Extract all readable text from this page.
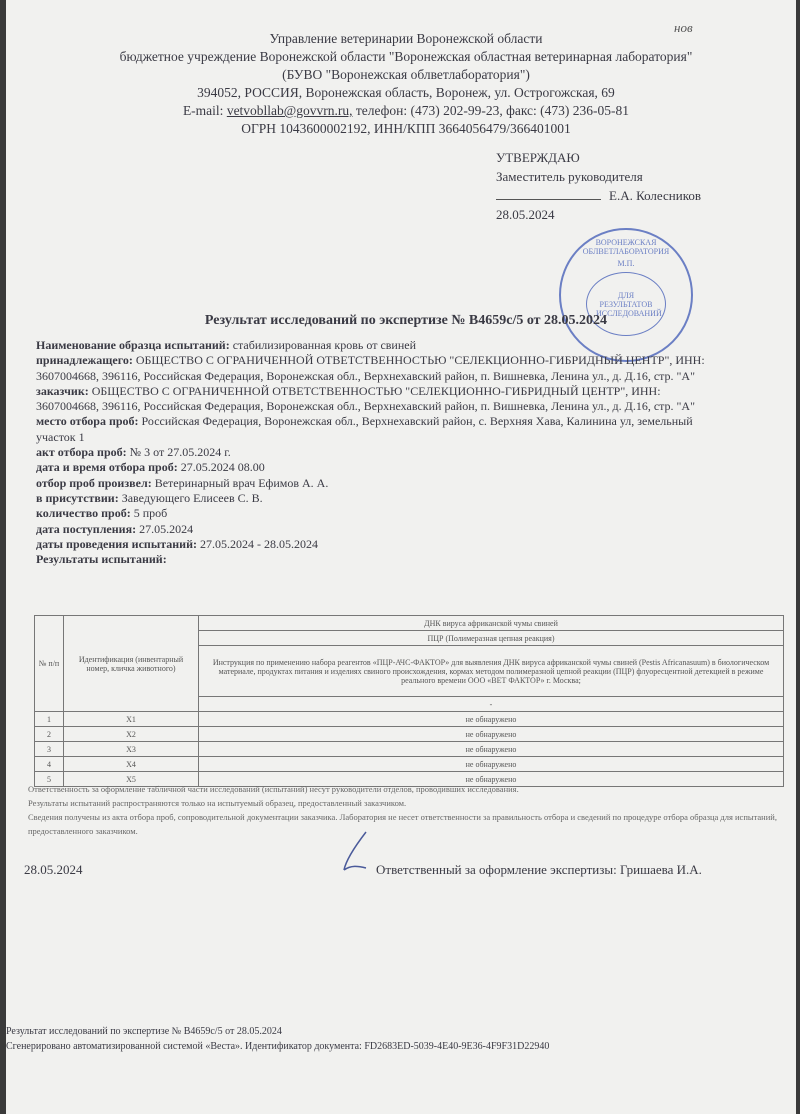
нов
Управление ветеринарии Воронежской области
бюджетное учреждение Воронежской области "Воронежская областная ветеринарная лаборатория"
(БУВО "Воронежская облветлаборатория")
394052, РОССИЯ, Воронежская область, Воронеж, ул. Острогожская, 69
E-mail: vetvobllab@govvrn.ru, телефон: (473) 202-99-23, факс: (473) 236-05-81
ОГРН 1043600002192, ИНН/КПП 3664056479/366401001
УТВЕРЖДАЮ
Заместитель руководителя
Е.А. Колесников
28.05.2024
ВОРОНЕЖСКАЯ ОБЛВЕТЛАБОРАТОРИЯ
М.П.
ДЛЯ РЕЗУЛЬТАТОВ ИССЛЕДОВАНИЙ
Результат исследований по экспертизе № В4659с/5 от 28.05.2024
Наименование образца испытаний: стабилизированная кровь от свиней
принадлежащего: ОБЩЕСТВО С ОГРАНИЧЕННОЙ ОТВЕТСТВЕННОСТЬЮ "СЕЛЕКЦИОННО-ГИБРИДНЫЙ ЦЕНТР", ИНН: 3607004668, 396116, Российская Федерация, Воронежская обл., Верхнехавский район, п. Вишневка, Ленина ул., д. Д.16, стр. "А"
заказчик: ОБЩЕСТВО С ОГРАНИЧЕННОЙ ОТВЕТСТВЕННОСТЬЮ "СЕЛЕКЦИОННО-ГИБРИДНЫЙ ЦЕНТР", ИНН: 3607004668, 396116, Российская Федерация, Воронежская обл., Верхнехавский район, п. Вишневка, Ленина ул., д. Д.16, стр. "А"
место отбора проб: Российская Федерация, Воронежская обл., Верхнехавский район, с. Верхняя Хава, Калинина ул, земельный участок 1
акт отбора проб: № 3 от 27.05.2024 г.
дата и время отбора проб: 27.05.2024 08.00
отбор проб произвел: Ветеринарный врач Ефимов А. А.
в присутствии: Заведующего Елисеев С. В.
количество проб: 5 проб
дата поступления: 27.05.2024
даты проведения испытаний: 27.05.2024 - 28.05.2024
Результаты испытаний:
№ п/п	Идентификация (инвентарный номер, кличка животного)	ДНК вируса африканской чумы свиней
		ПЦР (Полимеразная цепная реакция)
		Инструкция по применению набора реагентов «ПЦР-АЧС-ФАКТОР» для выявления ДНК вируса африканской чумы свиней (Pestis Africanasuum) в биологическом материале, продуктах питания и изделиях свиного происхождения, кормах методом полимеразной цепной реакции (ПЦР) флуоресцентной детекцией в режиме реального времени ООО «ВЕТ ФАКТОР» г. Москва;
		-
1	X1	не обнаружено
2	X2	не обнаружено
3	X3	не обнаружено
4	X4	не обнаружено
5	X5	не обнаружено
Ответственность за оформление табличной части исследований (испытаний) несут руководители отделов, проводивших исследования.
Результаты испытаний распространяются только на испытуемый образец, предоставленный заказчиком.
Сведения получены из акта отбора проб, сопроводительной документации заказчика. Лаборатория не несет ответственности за правильность отбора и сведений по процедуре отбора образца для испытаний, предоставленного заказчиком.
28.05.2024	Ответственный за оформление экспертизы: Гришаева И.А.
Результат исследований по экспертизе № В4659с/5 от 28.05.2024
Сгенерировано автоматизированной системой «Веста». Идентификатор документа: FD2683ED-5039-4E40-9E36-4F9F31D22940
